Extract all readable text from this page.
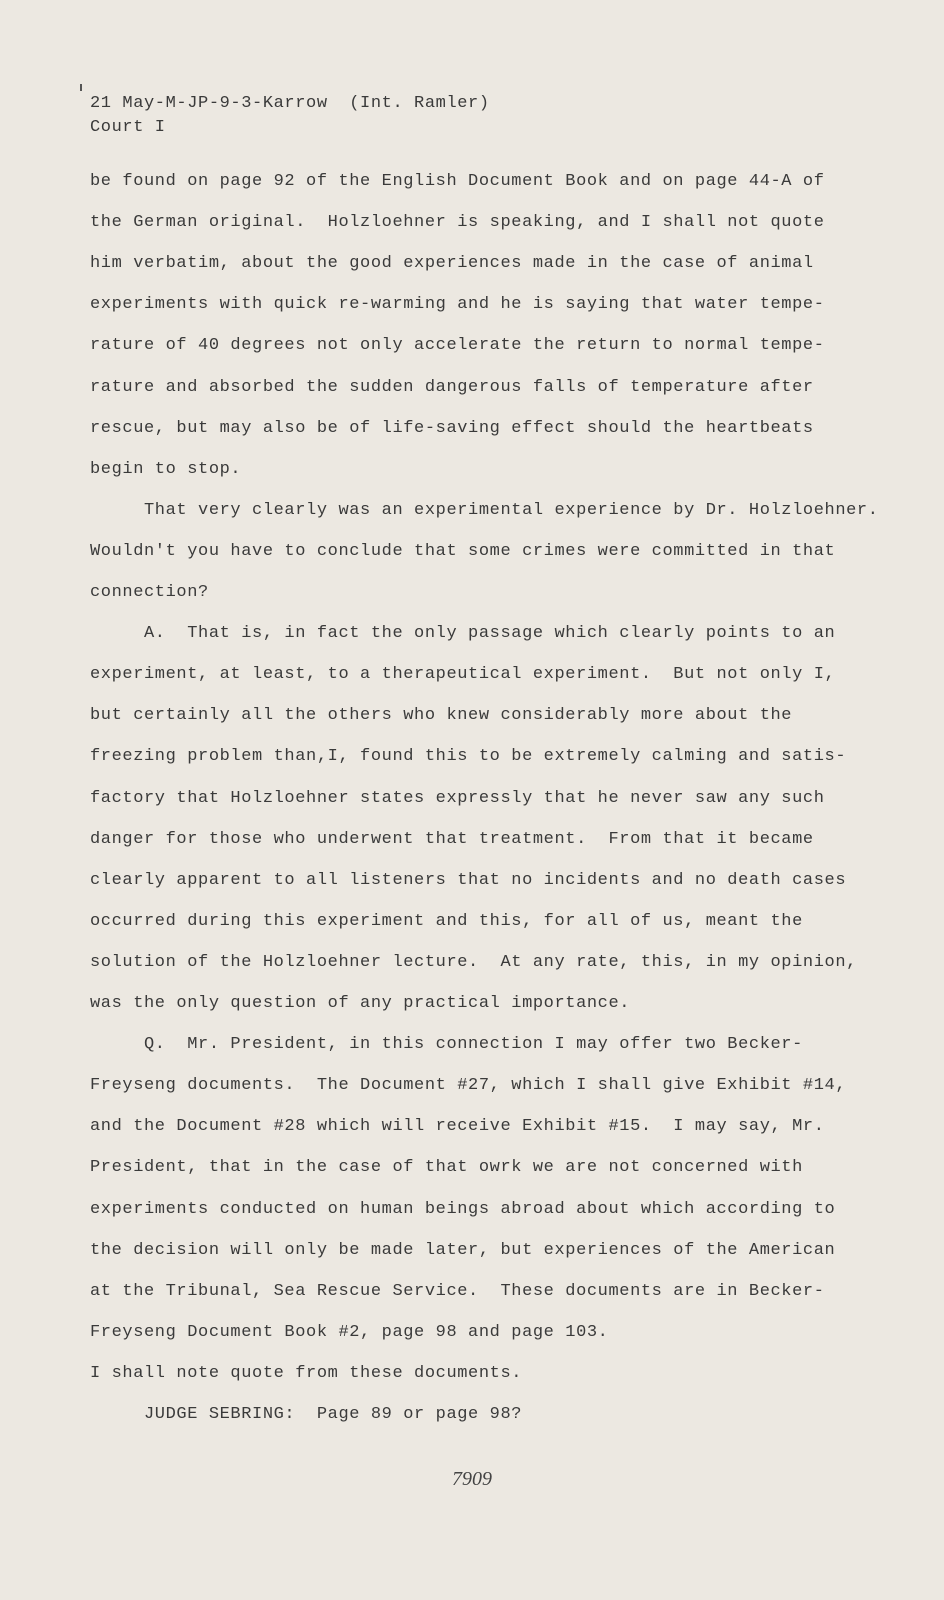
21 May-M-JP-9-3-Karrow  (Int. Ramler)
Court I
be found on page 92 of the English Document Book and on page 44-A of
the German original.  Holzloehner is speaking, and I shall not quote
him verbatim, about the good experiences made in the case of animal
experiments with quick re-warming and he is saying that water tempe-
rature of 40 degrees not only accelerate the return to normal tempe-
rature and absorbed the sudden dangerous falls of temperature after
rescue, but may also be of life-saving effect should the heartbeats
begin to stop.
That very clearly was an experimental experience by Dr. Holzloehner.
Wouldn't you have to conclude that some crimes were committed in that
connection?
A.  That is, in fact the only passage which clearly points to an
experiment, at least, to a therapeutical experiment.  But not only I,
but certainly all the others who knew considerably more about the
freezing problem than,I, found this to be extremely calming and satis-
factory that Holzloehner states expressly that he never saw any such
danger for those who underwent that treatment.  From that it became
clearly apparent to all listeners that no incidents and no death cases
occurred during this experiment and this, for all of us, meant the
solution of the Holzloehner lecture.  At any rate, this, in my opinion,
was the only question of any practical importance.
Q.  Mr. President, in this connection I may offer two Becker-
Freyseng documents.  The Document #27, which I shall give Exhibit #14,
and the Document #28 which will receive Exhibit #15.  I may say, Mr.
President, that in the case of that owrk we are not concerned with
experiments conducted on human beings abroad about which according to
the decision will only be made later, but experiences of the American
at the Tribunal, Sea Rescue Service.  These documents are in Becker-
Freyseng Document Book #2, page 98 and page 103.
I shall note quote from these documents.
JUDGE SEBRING:  Page 89 or page 98?
7909
